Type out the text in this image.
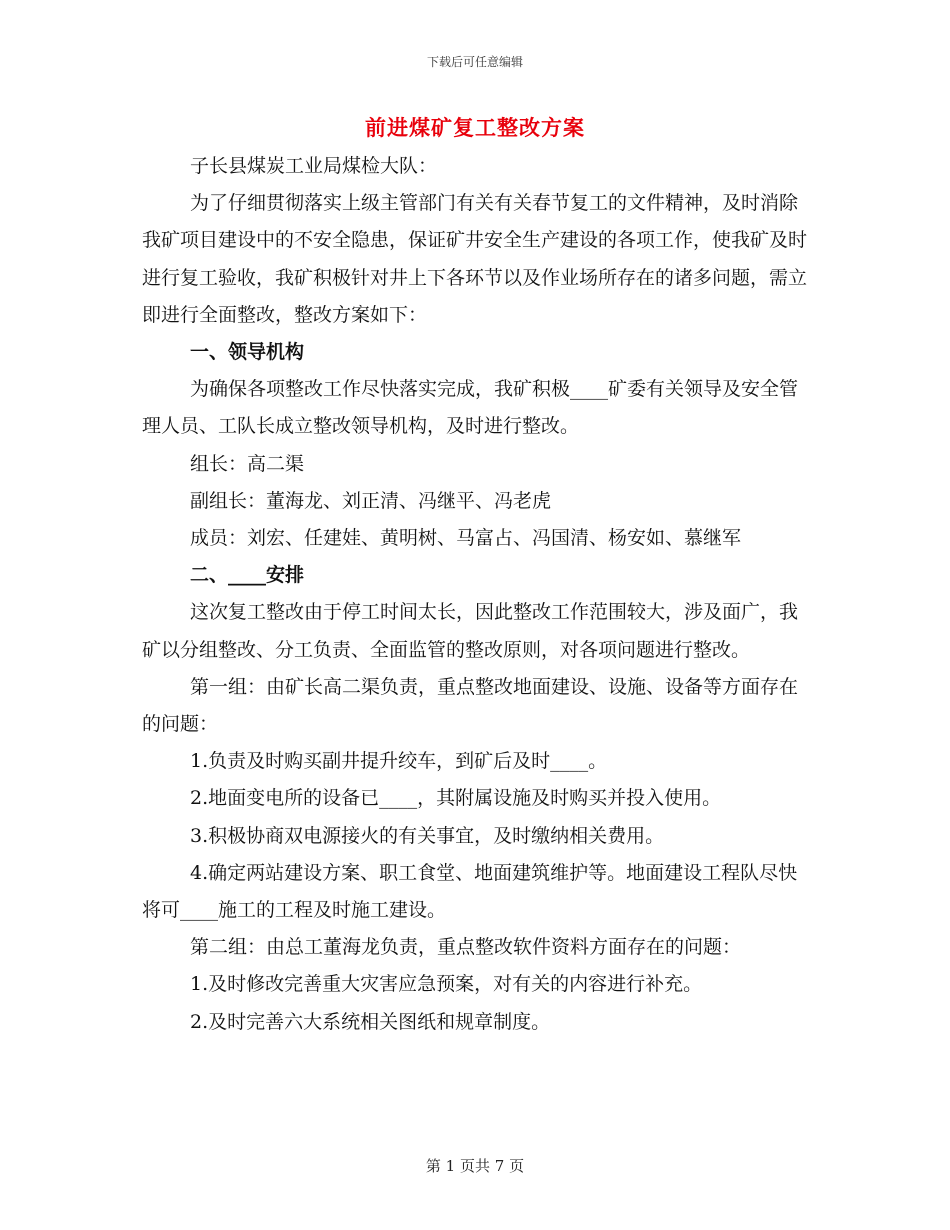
下载后可任意编辑
前进煤矿复工整改方案

子长县煤炭工业局煤检大队：

为了仔细贯彻落实上级主管部门有关有关春节复工的文件精神，及时消除我矿项目建设中的不安全隐患，保证矿井安全生产建设的各项工作，使我矿及时进行复工验收，我矿积极针对井上下各环节以及作业场所存在的诸多问题，需立即进行全面整改，整改方案如下：

一、领导机构

为确保各项整改工作尽快落实完成，我矿积极____矿委有关领导及安全管理人员、工队长成立整改领导机构，及时进行整改。

组长：高二渠

副组长：董海龙、刘正清、冯继平、冯老虎

成员：刘宏、任建娃、黄明树、马富占、冯国清、杨安如、慕继军

二、____安排

这次复工整改由于停工时间太长，因此整改工作范围较大，涉及面广，我矿以分组整改、分工负责、全面监管的整改原则，对各项问题进行整改。

第一组：由矿长高二渠负责，重点整改地面建设、设施、设备等方面存在的问题：

1.负责及时购买副井提升绞车，到矿后及时____。

2.地面变电所的设备已____，其附属设施及时购买并投入使用。

3.积极协商双电源接火的有关事宜，及时缴纳相关费用。

4.确定两站建设方案、职工食堂、地面建筑维护等。地面建设工程队尽快将可____施工的工程及时施工建设。

第二组：由总工董海龙负责，重点整改软件资料方面存在的问题：

1.及时修改完善重大灾害应急预案，对有关的内容进行补充。

2.及时完善六大系统相关图纸和规章制度。

第 1 页共 7 页
